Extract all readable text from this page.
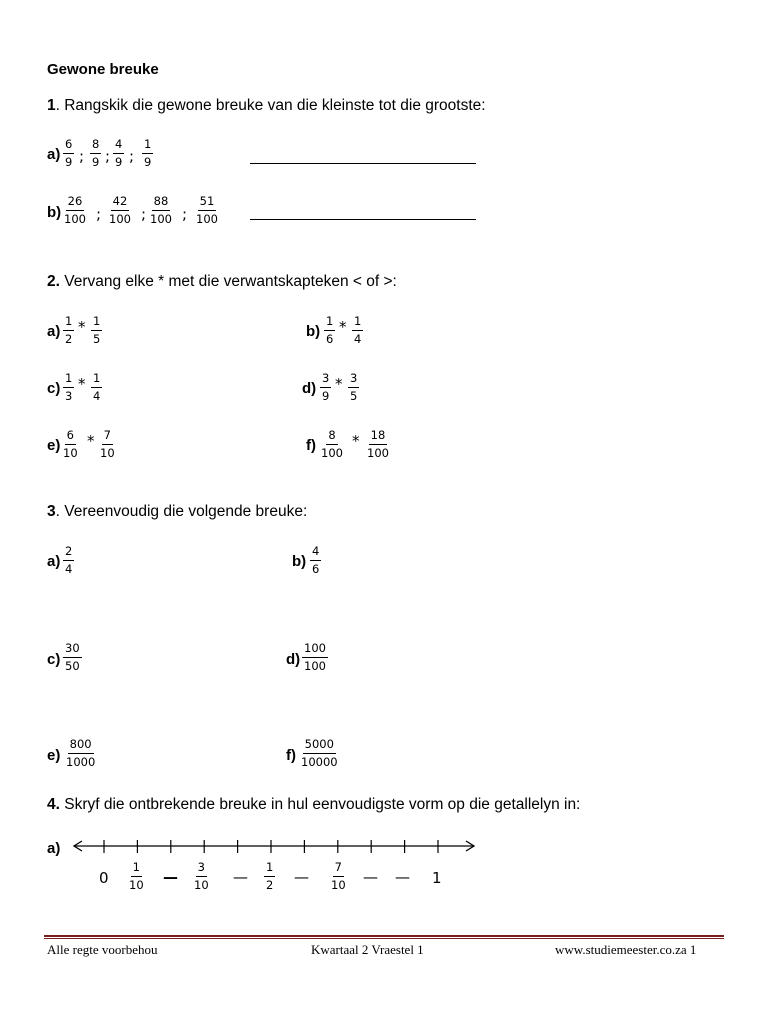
Gewone breuke
1. Rangskik die gewone breuke van die kleinste tot die grootste:
$a) \frac{6}{9}$ ; $\frac{8}{9}$ ; $\frac{4}{9}$ ; $\frac{1}{9}$
$b) \frac{26}{100}$ ; $\frac{42}{100}$ ; $\frac{88}{100}$ ; $\frac{51}{100}$
2. Vervang elke * met die verwantskapteken < of >:
$a) \frac{1}{2} * \frac{1}{5}$	$b) \frac{1}{6} * \frac{1}{4}$
$c) \frac{1}{3} * \frac{1}{4}$	$d) \frac{3}{9} * \frac{3}{5}$
$e) \frac{6}{10} * \frac{7}{10}$	$f) \frac{8}{100} * \frac{18}{100}$
3. Vereenvoudig die volgende breuke:
$a) \frac{2}{4}$	$b) \frac{4}{6}$
$c) \frac{30}{50}$	$d) \frac{100}{100}$
$e) \frac{800}{1000}$	$f) \frac{5000}{10000}$
4. Skryf die ontbrekende breuke in hul eenvoudigste vorm op die getallelyn in:
a)
$0 \frac{1}{10}$ — $\frac{3}{10}$ — $\frac{1}{2}$ — $\frac{7}{10}$ — — 1
Alle regte voorbehou	Kwartaal 2 Vraestel 1	www.studiemeester.co.za 1
